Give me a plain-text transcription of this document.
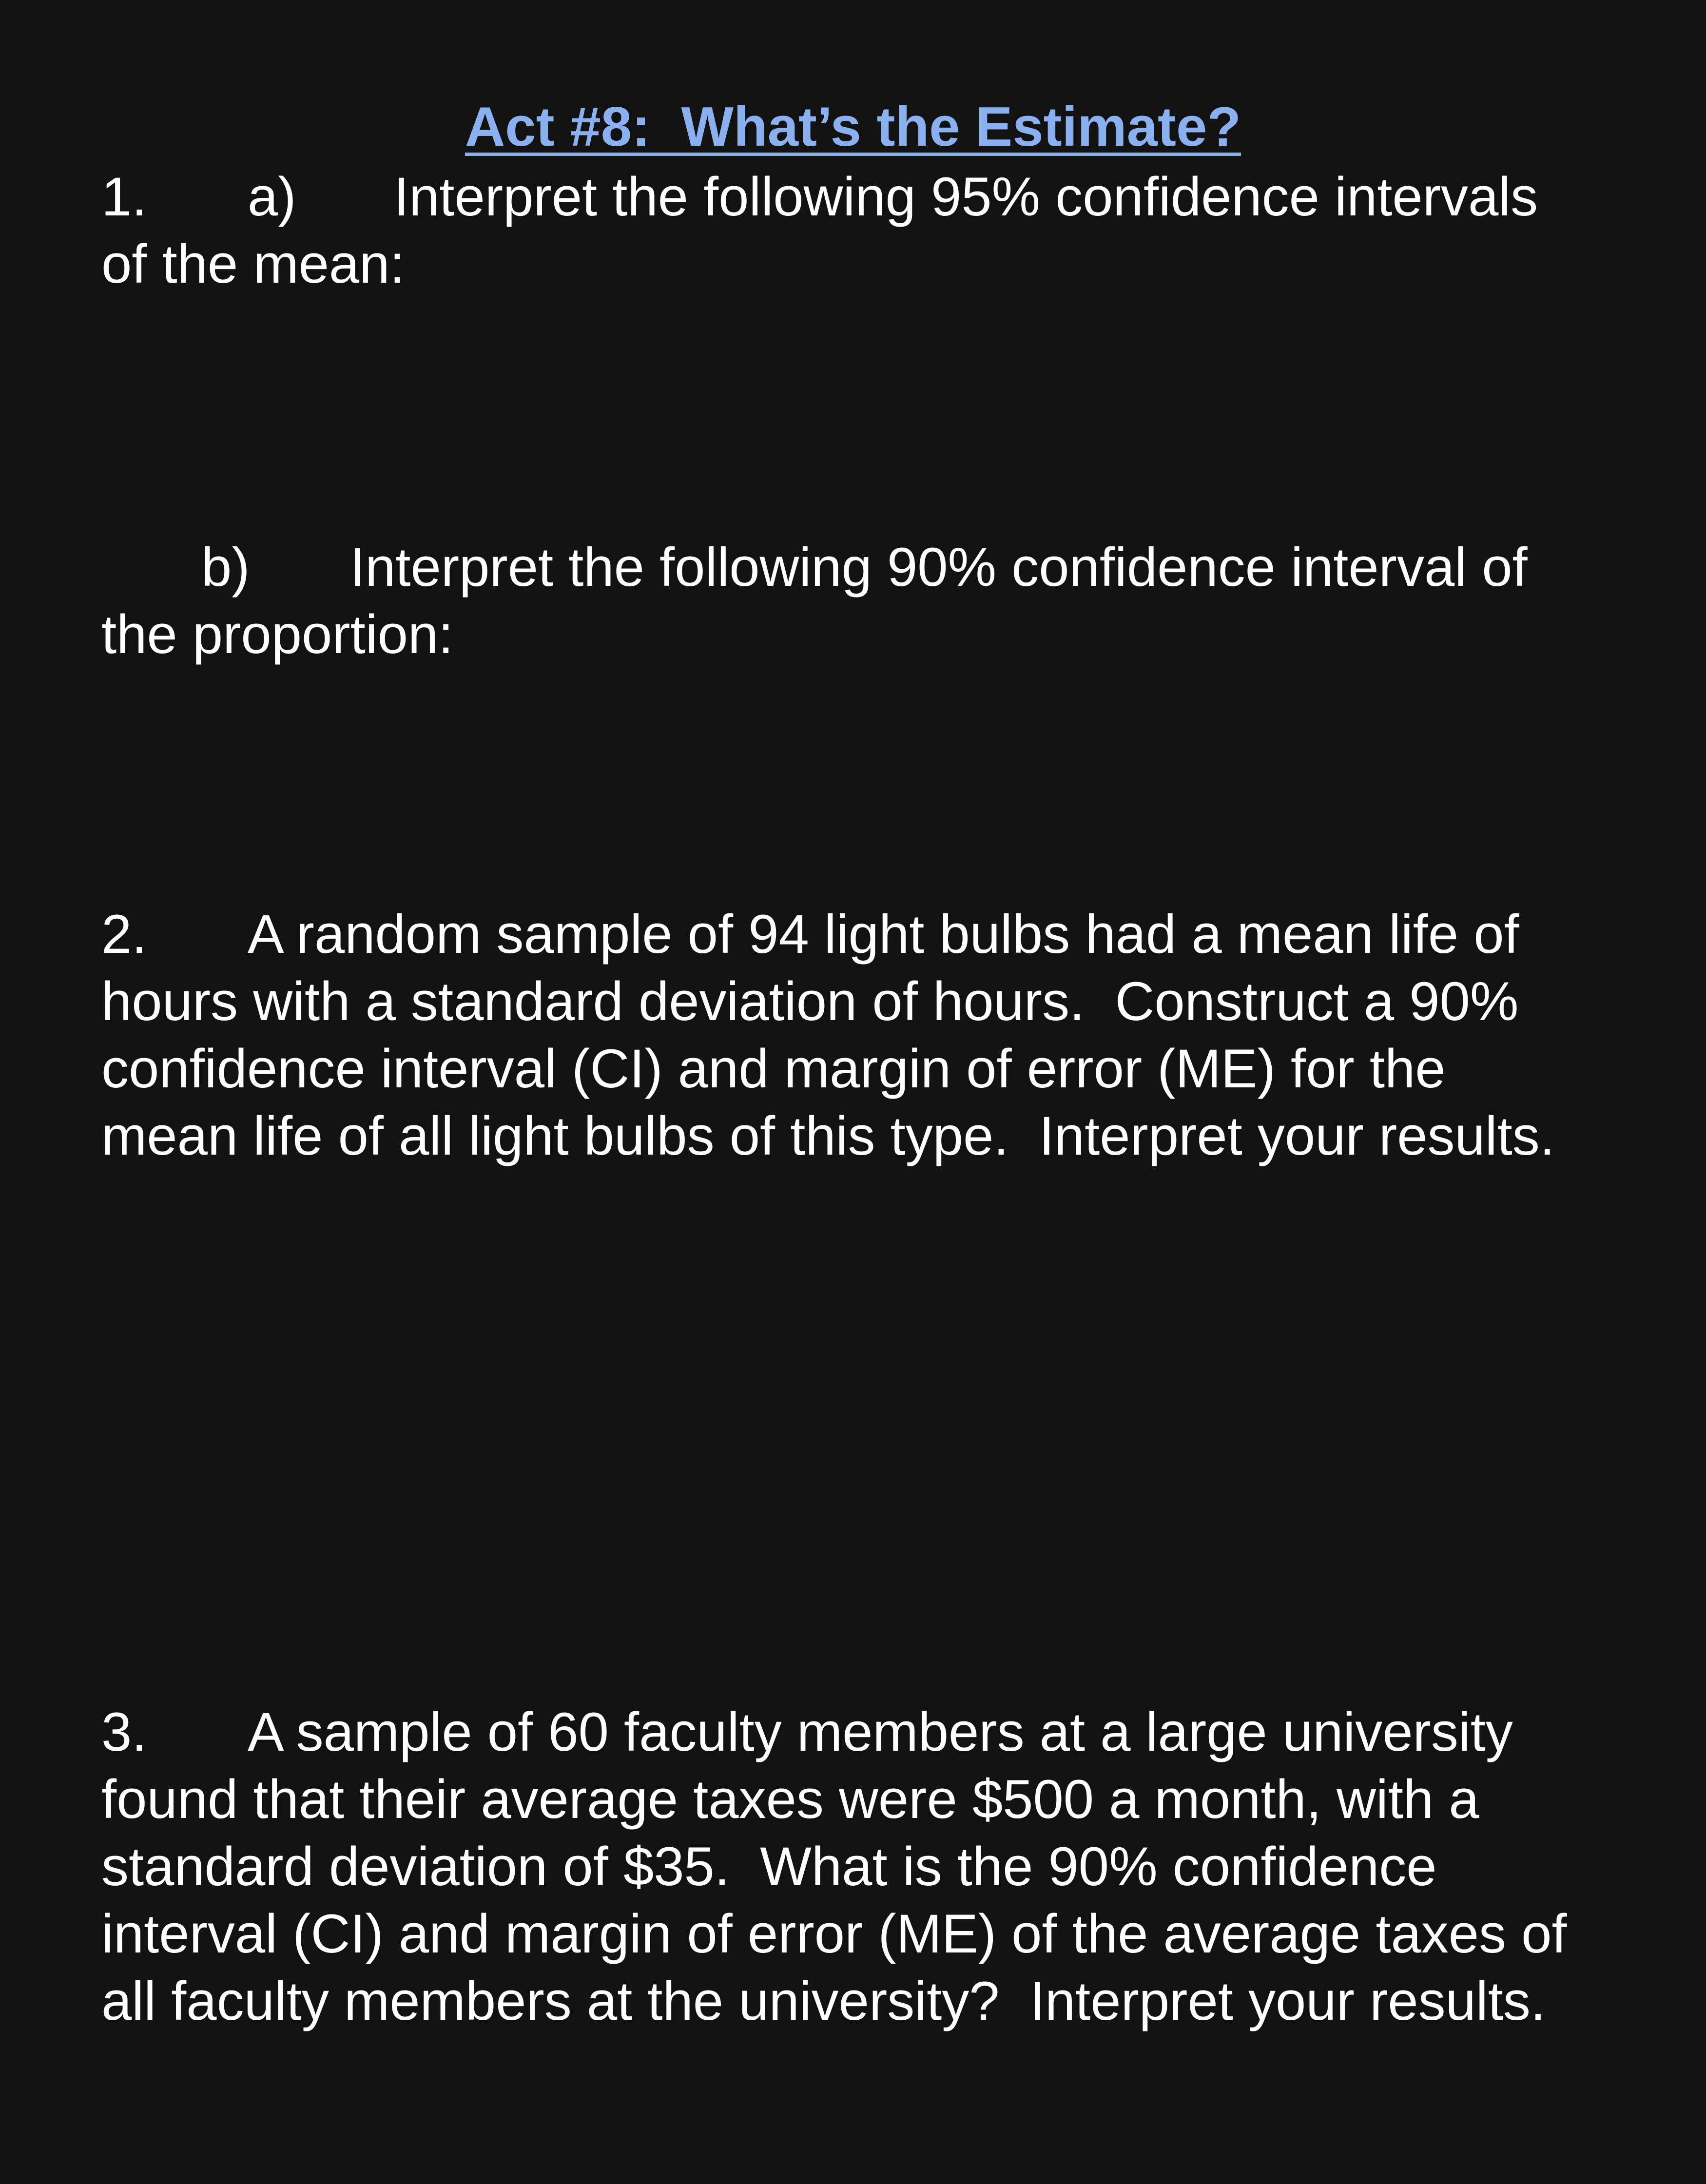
Act #8:  What’s the Estimate?
1. a) Interpret the following 95% confidence intervals
of the mean:
b) Interpret the following 90% confidence interval of
the proportion:
2. A random sample of 94 light bulbs had a mean life of
hours with a standard deviation of hours.  Construct a 90%
confidence interval (CI) and margin of error (ME) for the
mean life of all light bulbs of this type.  Interpret your results.
3. A sample of 60 faculty members at a large university
found that their average taxes were $500 a month, with a
standard deviation of $35.  What is the 90% confidence
interval (CI) and margin of error (ME) of the average taxes of
all faculty members at the university?  Interpret your results.
